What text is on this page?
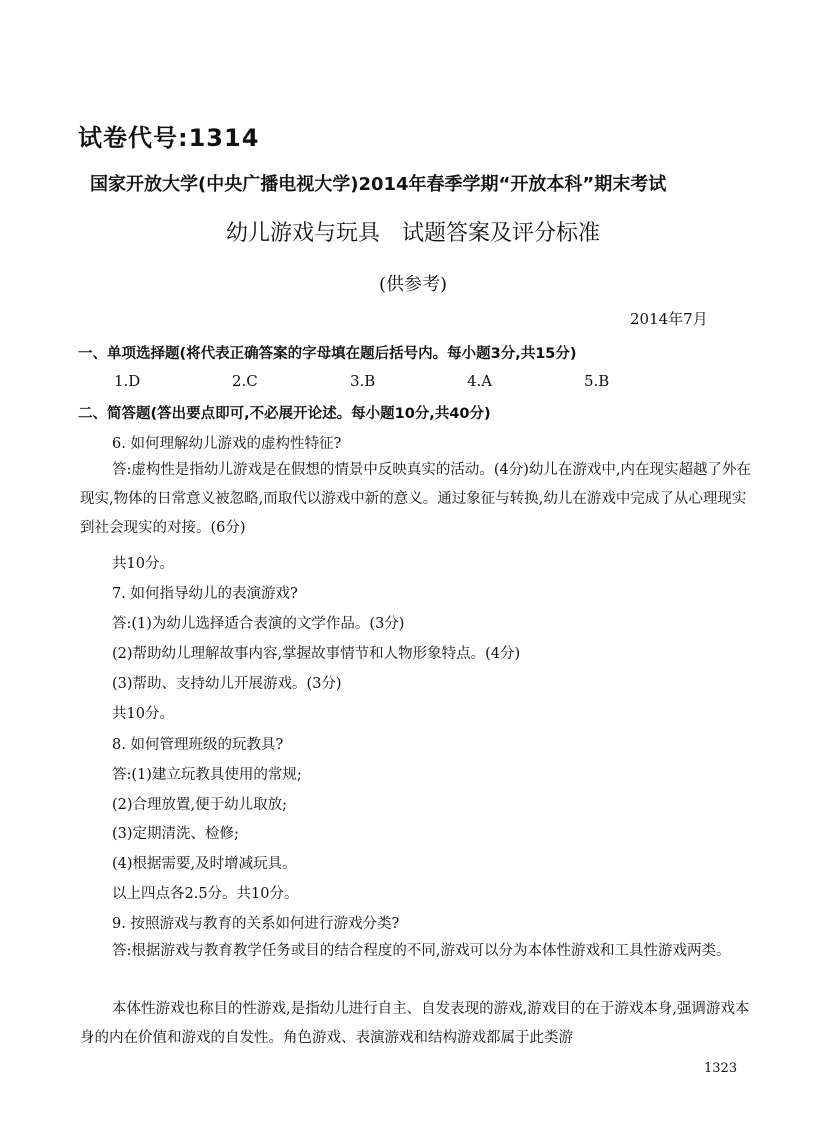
试卷代号:1314
国家开放大学(中央广播电视大学)2014年春季学期“开放本科”期末考试
幼儿游戏与玩具　试题答案及评分标准
(供参考)
2014年7月
一、单项选择题(将代表正确答案的字母填在题后括号内。每小题3分,共15分)
1.D	2.C	3.B	4.A	5.B
二、简答题(答出要点即可,不必展开论述。每小题10分,共40分)
6. 如何理解幼儿游戏的虚构性特征?
答:虚构性是指幼儿游戏是在假想的情景中反映真实的活动。(4分)幼儿在游戏中,内在现实超越了外在现实,物体的日常意义被忽略,而取代以游戏中新的意义。通过象征与转换,幼儿在游戏中完成了从心理现实到社会现实的对接。(6分)
共10分。
7. 如何指导幼儿的表演游戏?
答:(1)为幼儿选择适合表演的文学作品。(3分)
(2)帮助幼儿理解故事内容,掌握故事情节和人物形象特点。(4分)
(3)帮助、支持幼儿开展游戏。(3分)
共10分。
8. 如何管理班级的玩教具?
答:(1)建立玩教具使用的常规;
(2)合理放置,便于幼儿取放;
(3)定期清洗、检修;
(4)根据需要,及时增减玩具。
以上四点各2.5分。共10分。
9. 按照游戏与教育的关系如何进行游戏分类?
答:根据游戏与教育教学任务或目的结合程度的不同,游戏可以分为本体性游戏和工具性游戏两类。
本体性游戏也称目的性游戏,是指幼儿进行自主、自发表现的游戏,游戏目的在于游戏本身,强调游戏本身的内在价值和游戏的自发性。角色游戏、表演游戏和结构游戏都属于此类游
1323
